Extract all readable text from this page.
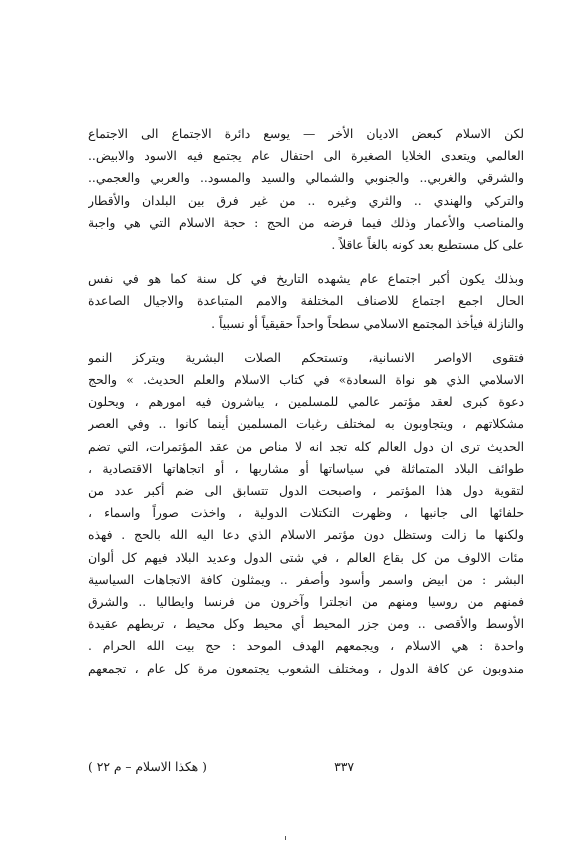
لكن الاسلام كبعض الاديان الأخر — يوسع دائرة الاجتماع الى الاجتماع
العالمي ويتعدى الخلايا الصغيرة الى احتفال عام يجتمع فيه الاسود والابيض..
والشرقي والغربي.. والجنوبي والشمالي والسيد والمسود.. والعربي والعجمي..
والتركي والهندي .. والثري وغيره .. من غير فرق بين البلدان والأقطار
والمناصب والأعمار وذلك فيما فرضه من الحج : حجة الاسلام التي هي واجبة
على كل مستطيع بعد كونه بالغاً عاقلاً .

وبذلك يكون أكبر اجتماع عام يشهده التاريخ في كل سنة كما هو في نفس
الحال اجمع اجتماع للاصناف المختلفة والامم المتباعدة والاجيال الصاعدة
والنازلة فيأخذ المجتمع الاسلامي سطحاً واحداً حقيقياً أو نسبياً .

فتقوى الاواصر الانسانية، وتستحكم الصلات البشرية ويتركز النمو
الاسلامي الذي هو نواة السعادة» في كتاب الاسلام والعلم الحديث. » والحج
دعوة كبرى لعقد مؤتمر عالمي للمسلمين ، يباشرون فيه امورهم ، ويحلون
مشكلاتهم ، ويتجاوبون به لمختلف رغبات المسلمين أينما كانوا .. وفي العصر
الحديث ترى ان دول العالم كله تجد انه لا مناص من عقد المؤتمرات، التي تضم
طوائف البلاد المتماثلة في سياساتها أو مشاربها ، أو اتجاهاتها الاقتصادية ،
لتقوية دول هذا المؤتمر ، واصبحت الدول تتسابق الى ضم أكبر عدد من
حلفائها الى جانبها ، وظهرت التكتلات الدولية ، واخذت صوراً واسماء ،
ولكنها ما زالت وستظل دون مؤتمر الاسلام الذي دعا اليه الله بالحج . فهذه
مئات الالوف من كل بقاع العالم ، في شتى الدول وعديد البلاد فيهم كل ألوان
البشر : من ابيض واسمر وأسود وأصفر .. ويمثلون كافة الاتجاهات السياسية
فمنهم من روسيا ومنهم من انجلترا وآخرون من فرنسا وايطاليا .. والشرق
الأوسط والأقصى .. ومن جزر المحيط أي محيط وكل محيط ، تربطهم عقيدة
واحدة : هي الاسلام ، ويجمعهم الهدف الموحد : حج بيت الله الحرام .
مندوبون عن كافة الدول ، ومختلف الشعوب يجتمعون مرة كل عام ، تجمعهم

٣٣٧
( هكذا الاسلام – م ٢٢ )
